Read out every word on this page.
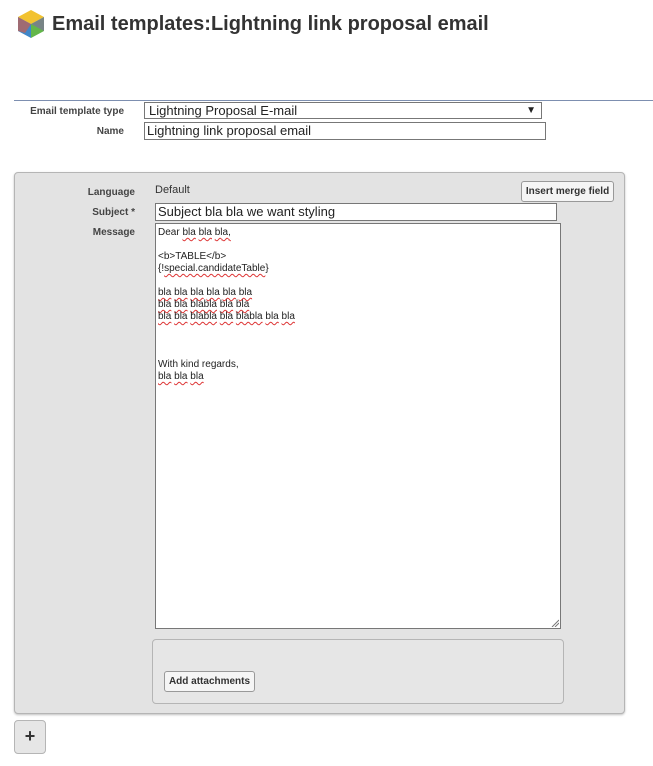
Email templates:Lightning link proposal email
Email template type	Lightning Proposal E-mail	▼
Name Lightning link proposal email
Language Default	Insert merge field
Subject * Subject bla bla we want styling
Message Dear bla bla bla,

<b>TABLE</b>
{!special.candidateTable}

bla bla bla bla bla bla
bla bla blabla bla bla
bla bla blabla bla blabla bla bla

With kind regards,
bla bla bla
Add attachments
+
